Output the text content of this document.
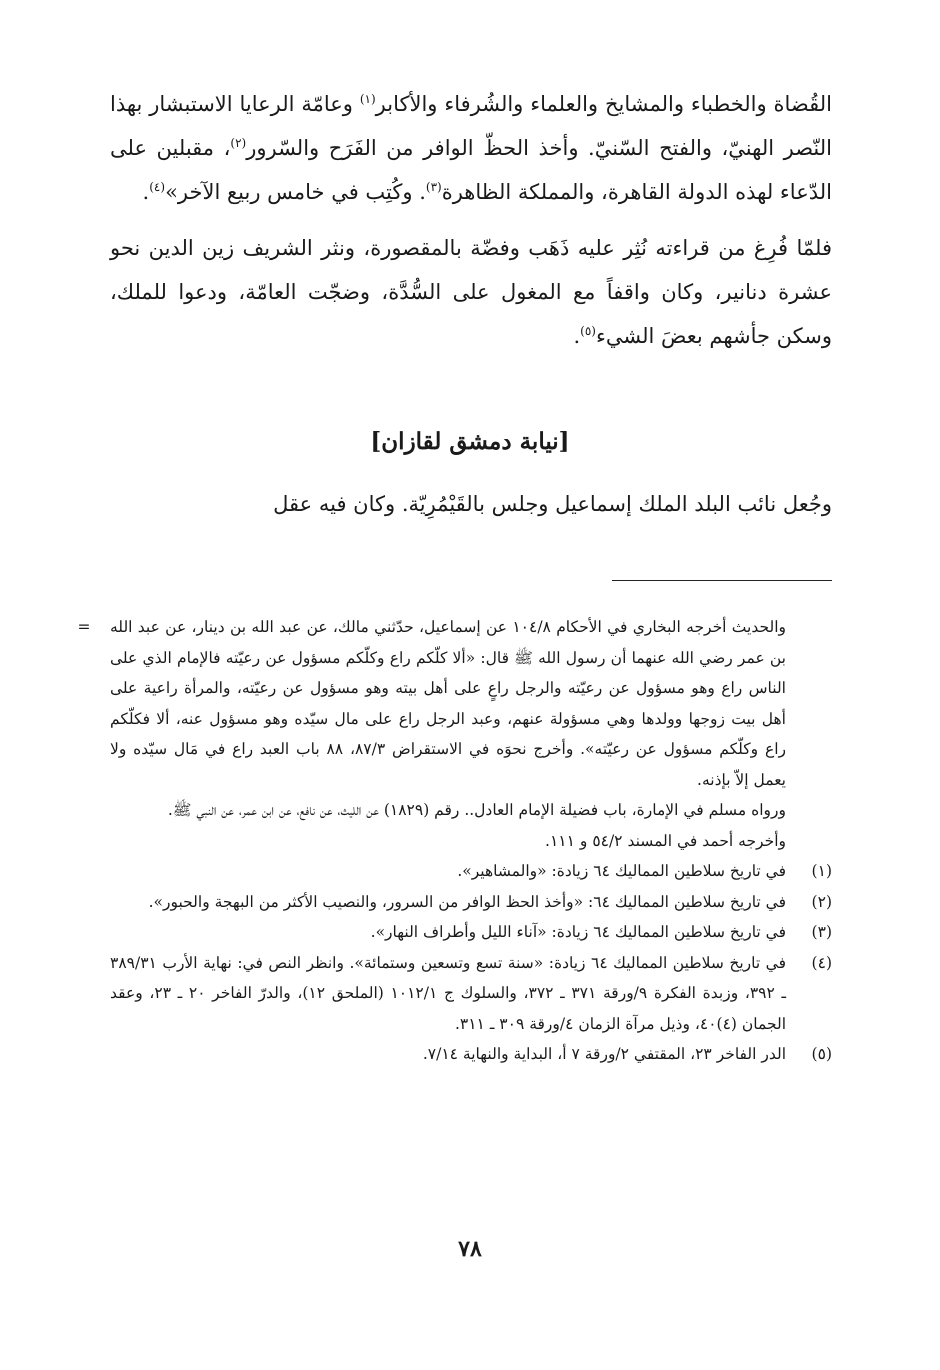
القُضاة والخطباء والمشايخ والعلماء والشُرفاء والأكابر$^{(١)}$ وعامّة الرعايا الاستبشار بهذا النّصر الهنيّ، والفتح السّنيّ. وأخذ الحظّ الوافر من الفَرَح والسّرور$^{(٢)}$، مقبلين على الدّعاء لهذه الدولة القاهرة، والمملكة الظاهرة$^{(٣)}$. وكُتِب في خامس ربيع الآخر»$^{(٤)}$.

فلمّا فُرِغ من قراءته نُثِر عليه ذَهَب وفضّة بالمقصورة، ونثر الشريف زين الدين نحو عشرة دنانير، وكان واقفاً مع المغول على السُّدَّة، وضجّت العامّة، ودعوا للملك، وسكن جأشهم بعضَ الشيء$^{(٥)}$.

[نيابة دمشق لقازان]

وجُعل نائب البلد الملك إسماعيل وجلس بالقَيْمُرِيّة. وكان فيه عقل

= والحديث أخرجه البخاري في الأحكام ١٠٤/٨ عن إسماعيل، حدّثني مالك، عن عبد الله بن دينار، عن عبد الله بن عمر رضي الله عنهما أن رسول الله ﷺ قال: «ألا كلّكم راع وكلّكم مسؤول عن رعيّته فالإمام الذي على الناس راع وهو مسؤول عن رعيّته والرجل راعٍ على أهل بيته وهو مسؤول عن رعيّته، والمرأة راعية على أهل بيت زوجها وولدها وهي مسؤولة عنهم، وعبد الرجل راع على مال سيّده وهو مسؤول عنه، ألا فكلّكم راع وكلّكم مسؤول عن رعيّته». وأخرج نحوَه في الاستقراض ٨٧/٣، ٨٨ باب العبد راع في مَال سيّده ولا يعمل إلاّ بإذنه.

ورواه مسلم في الإمارة، باب فضيلة الإمام العادل.. رقم (١٨٢٩) عن الليث، عن نافع، عن ابن عمر، عن النبي ﷺ.

وأخرجه أحمد في المسند ٥٤/٢ و ١١١.

(١)
في تاريخ سلاطين المماليك ٦٤ زيادة: «والمشاهير».
(٢)
في تاريخ سلاطين المماليك ٦٤: «وأخذ الحظ الوافر من السرور، والنصيب الأكثر من البهجة والحبور».
(٣)
في تاريخ سلاطين المماليك ٦٤ زيادة: «آناء الليل وأطراف النهار».
(٤)
في تاريخ سلاطين المماليك ٦٤ زيادة: «سنة تسع وتسعين وستمائة». وانظر النص في: نهاية الأرب ٣٨٩/٣١ ـ ٣٩٢، وزبدة الفكرة ٩/ورقة ٣٧١ ـ ٣٧٢، والسلوك ج ١٠١٢/١ (الملحق ١٢)، والدرّ الفاخر ٢٠ ـ ٢٣، وعقد الجمان (٤)٤٠، وذيل مرآة الزمان ٤/ورقة ٣٠٩ ـ ٣١١.
(٥)
الدر الفاخر ٢٣، المقتفي ٢/ورقة ٧ أ، البداية والنهاية ٧/١٤.
٧٨
